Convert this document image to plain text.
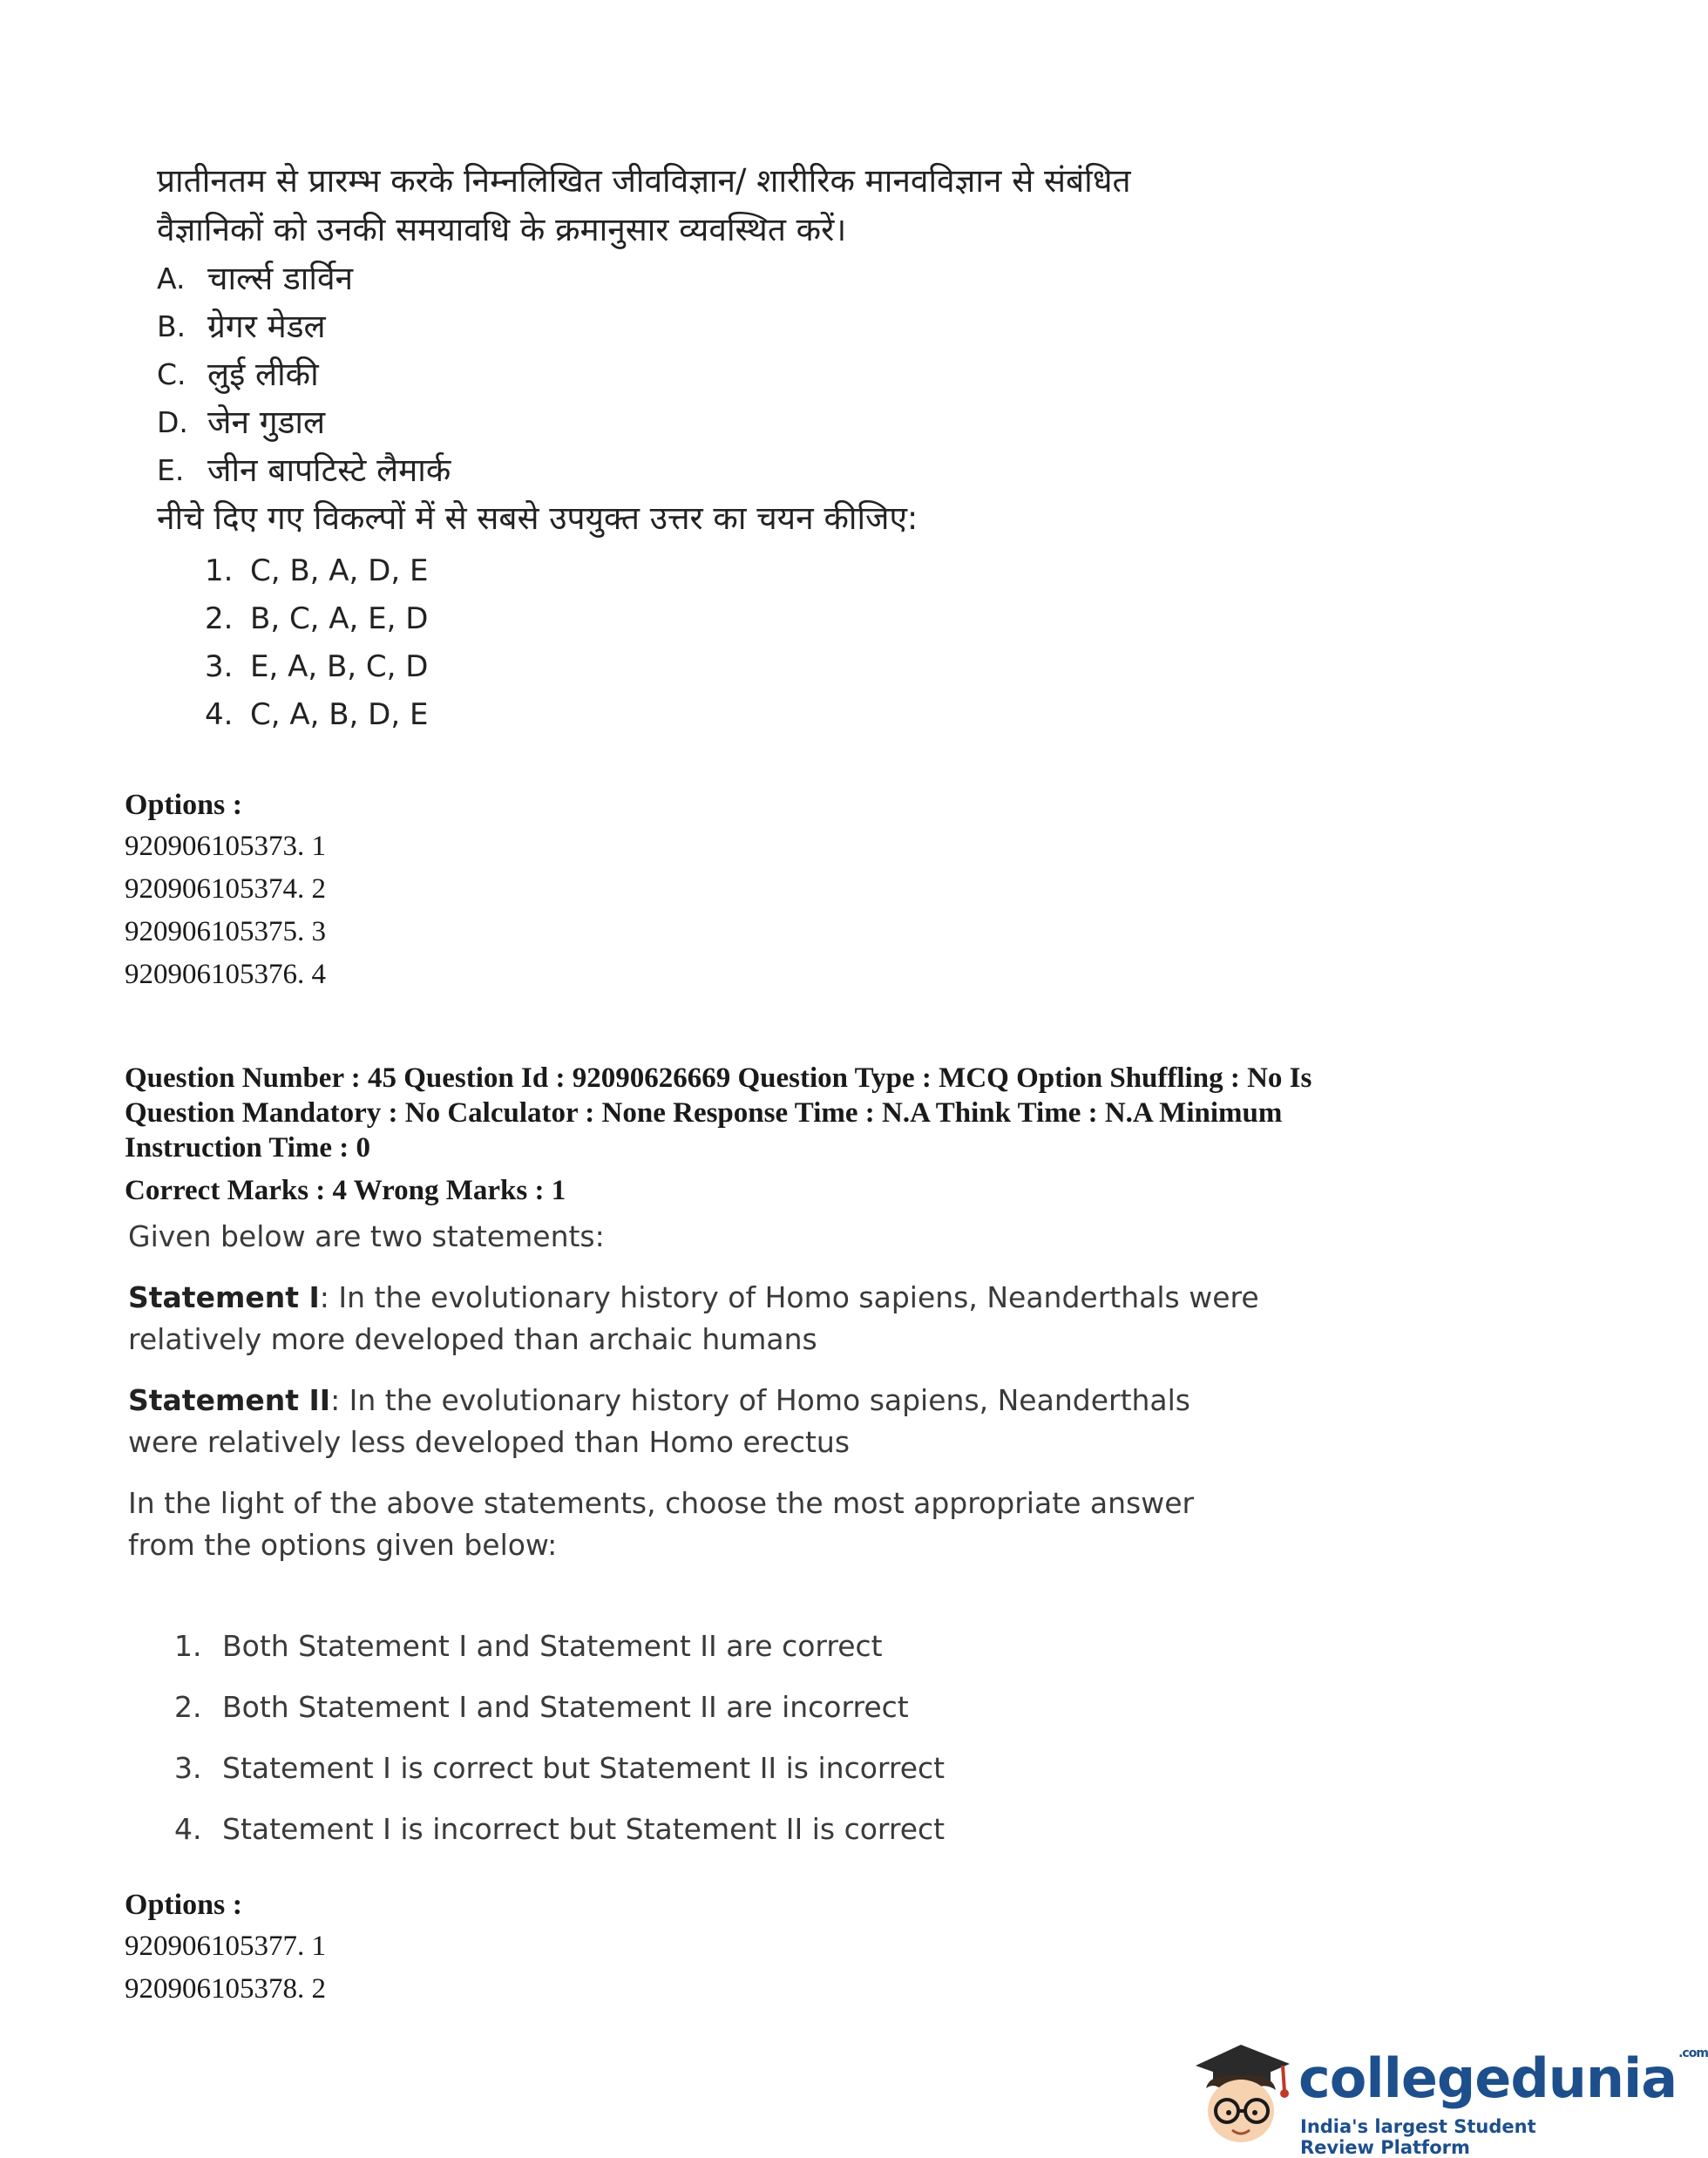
प्रातीनतम से प्रारम्भ करके निम्नलिखित जीवविज्ञान/ शारीरिक मानवविज्ञान से संबंधित
वैज्ञानिकों को उनकी समयावधि के क्रमानुसार व्यवस्थित करें।
A. चार्ल्स डार्विन
B. ग्रेगर मेडल
C. लुई लीकी
D. जेन गुडाल
E. जीन बापटिस्टे लैमार्क
नीचे दिए गए विकल्पों में से सबसे उपयुक्त उत्तर का चयन कीजिए:
1. C, B, A, D, E
2. B, C, A, E, D
3. E, A, B, C, D
4. C, A, B, D, E
Options :
920906105373. 1
920906105374. 2
920906105375. 3
920906105376. 4
Question Number : 45 Question Id : 92090626669 Question Type : MCQ Option Shuffling : No Is
Question Mandatory : No Calculator : None Response Time : N.A Think Time : N.A Minimum
Instruction Time : 0
Correct Marks : 4 Wrong Marks : 1

Given below are two statements:

Statement I: In the evolutionary history of Homo sapiens, Neanderthals were

relatively more developed than archaic humans

Statement II: In the evolutionary history of Homo sapiens, Neanderthals

were relatively less developed than Homo erectus

In the light of the above statements, choose the most appropriate answer

from the options given below:

1. Both Statement I and Statement II are correct
2. Both Statement I and Statement II are incorrect
3. Statement I is correct but Statement II is incorrect
4. Statement I is incorrect but Statement II is correct
Options :
920906105377. 1
920906105378. 2
collegedunia $^{.com}$
India's largest Student Review Platform
